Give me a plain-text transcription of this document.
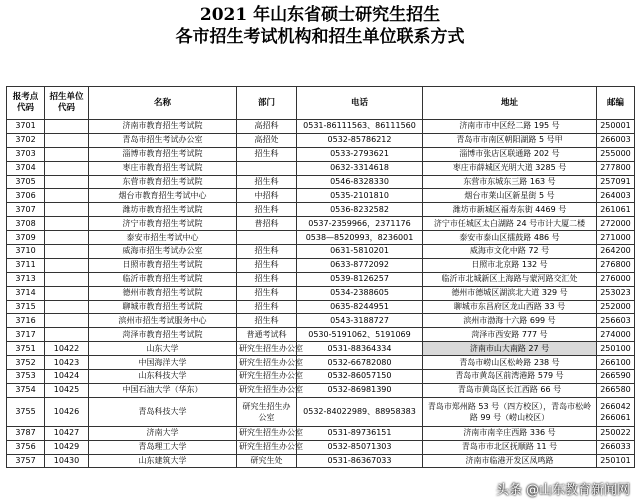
2021 年山东省硕士研究生招生
各市招生考试机构和招生单位联系方式
报考点代码	招生单位代码	名称	部门	电话	地址	邮编
3701		济南市教育招生考试院	高招科	0531-86111563、86111560	济南市市中区经二路 195 号	250001
3702		青岛市招生考试办公室	高招处	0532-85786212	青岛市市南区朝阳湖路 5 号甲	266003
3703		淄博市教育招生考试院	招生科	0533-2793621	淄博市张店区联通路 202 号	255000
3704		枣庄市教育招生考试院		0632-3314618	枣庄市薛城区光明大道 3285 号	277800
3705		东营市教育招生考试院	招生科	0546-8328330	东营市东城东三路 163 号	257091
3706		烟台市教育招生考试中心	中招科	0535-2101810	烟台市莱山区新星街 5 号	264003
3707		潍坊市教育招生考试院	招生科	0536-8232582	潍坊市新城区福寿东街 4469 号	261061
3708		济宁市教育招生考试院	普招科	0537-2359966，2371176	济宁市任城区太白湖路 24 号市计大厦二楼	272000
3709		泰安市招生考试中心		0538—8520993，8236001	泰安市泰山区擂鼓路 486 号	271000
3710		威海市招生考试办公室	招生科	0631-5810201	威海市文化中路 72 号	264200
3711		日照市教育招生考试院	招生科	0633-8772092	日照市北京路 132 号	276800
3713		临沂市教育招生考试院	招生科	0539-8126257	临沂市北城新区上海路与蒙河路交汇处	276000
3714		德州市教育招生考试院	招生科	0534-2388605	德州市德城区湖滨北大道 329 号	253023
3715		聊城市教育招生考试院	招生科	0635-8244951	聊城市东昌府区龙山西路 33 号	252000
3716		滨州市招生考试服务中心	招生科	0543-3188727	滨州市渤海十六路 699 号	256603
3717		菏泽市教育招生考试院	普通考试科	0530-5191062、5191069	菏泽市西安路 777 号	274000
3751	10422	山东大学	研究生招生办公室	0531-88364334	济南市山大南路 27 号	250100
3752	10423	中国海洋大学	研究生招生办公室	0532-66782080	青岛市崂山区松岭路 238 号	266100
3753	10424	山东科技大学	研究生招生办公室	0532-86057150	青岛市黄岛区前湾港路 579 号	266590
3754	10425	中国石油大学（华东）	研究生招生办公室	0532-86981390	青岛市黄岛区长江西路 66 号	266580
3755	10426	青岛科技大学	研究生招生办公室	0532-84022989、88958383	青岛市郑州路 53 号（四方校区），青岛市松岭路 99 号（崂山校区）	266042 266061
3787	10427	济南大学	研究生招生办公室	0531-89736151	济南市南辛庄西路 336 号	250022
3756	10429	青岛理工大学	研究生招生办公室	0532-85071303	青岛市市北区抚顺路 11 号	266033
3757	10430	山东建筑大学	研究生处	0531-86367033	济南市临港开发区凤鸣路	250101
头条 @山东教育新闻网
